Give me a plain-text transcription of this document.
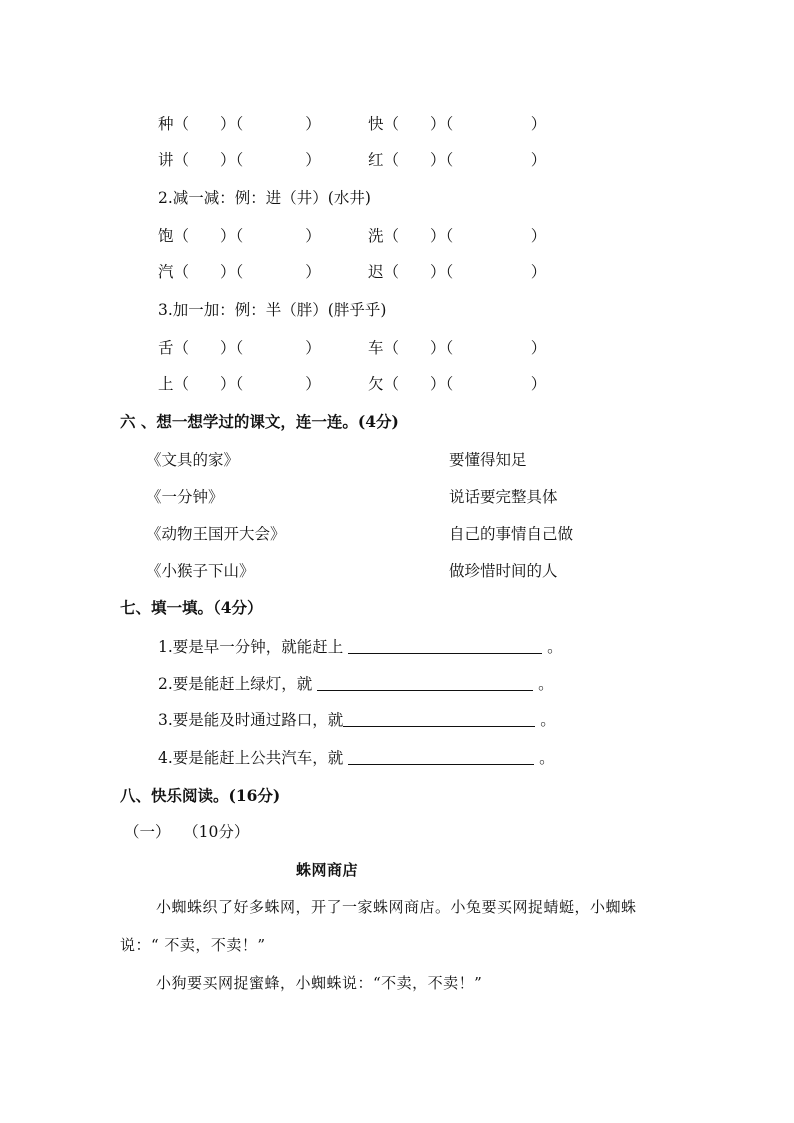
种（　　）（　　　　）	快（　　）（　　　　　）
讲（　　）（　　　　）	红（　　）（　　　　　）
2.减一减：例：进（井）(水井)
饱（　　）（　　　　）	洗（　　）（　　　　　）
汽（　　）（　　　　）	迟（　　）（　　　　　）
3.加一加：例：半（胖）(胖乎乎)
舌（　　）（　　　　）	车（　　）（　　　　　）
上（　　）（　　　　）	欠（　　）（　　　　　）
六 、想一想学过的课文，连一连。(4分)
《文具的家》
《一分钟》
《动物王国开大会》
《小猴子下山》
要懂得知足
说话要完整具体
自己的事情自己做
做珍惜时间的人
七、填一填。（4分）
1.要是早一分钟，就能赶上	。
2.要是能赶上绿灯，就	。
3.要是能及时通过路口，就	。
4.要是能赶上公共汽车，就	。
八、快乐阅读。(16分)
（一）　 （10分）
蛛网商店
小蜘蛛织了好多蛛网，开了一家蛛网商店。小兔要买网捉蜻蜓，小蜘蛛
说：“ 不卖，不卖！”
小狗要买网捉蜜蜂，小蜘蛛说：“不卖，不卖！”
